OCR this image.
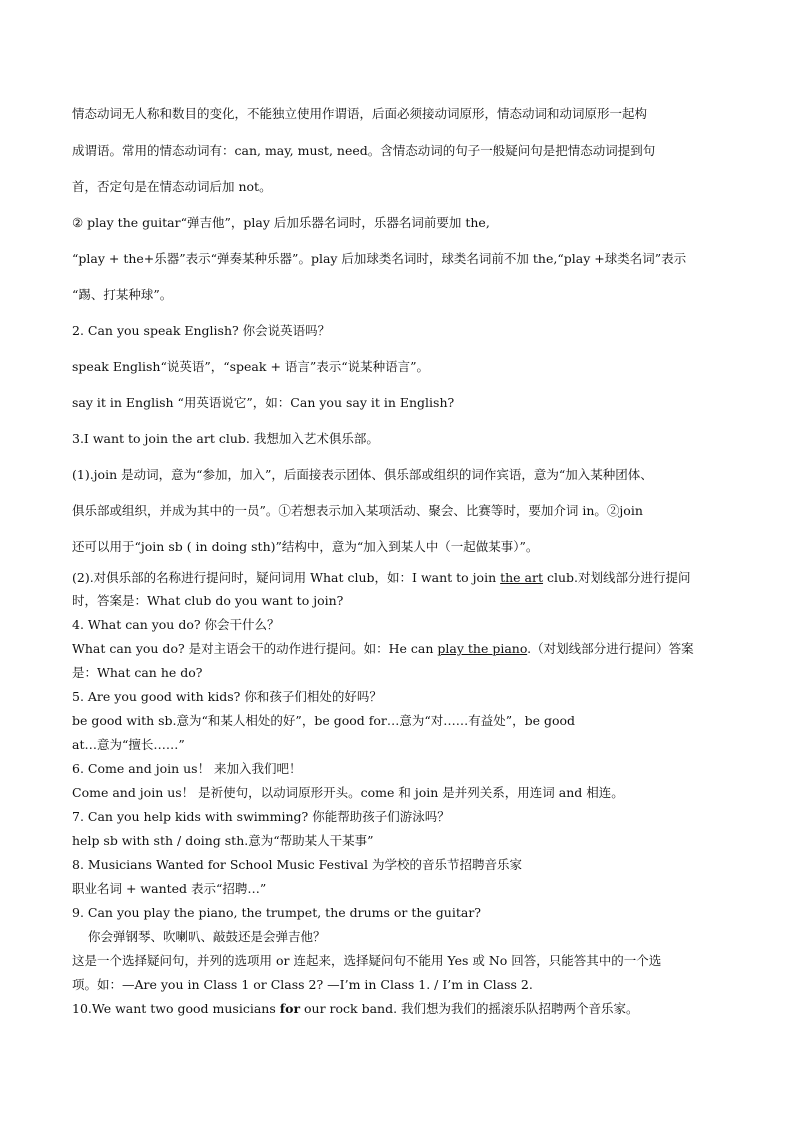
情态动词无人称和数目的变化，不能独立使用作谓语，后面必须接动词原形，情态动词和动词原形一起构
成谓语。常用的情态动词有：can, may, must, need。含情态动词的句子一般疑问句是把情态动词提到句
首，否定句是在情态动词后加 not。
② play the guitar“弹吉他”，play 后加乐器名词时，乐器名词前要加 the,
“play + the+乐器”表示“弹奏某种乐器”。play 后加球类名词时，球类名词前不加 the,“play +球类名词”表示
“踢、打某种球”。
2. Can you speak English? 你会说英语吗？
speak English“说英语”，“speak + 语言”表示“说某种语言”。
say it in English “用英语说它”，如：Can you say it in English?
3.I want to join the art club. 我想加入艺术俱乐部。
(1).join 是动词，意为“参加，加入”，后面接表示团体、俱乐部或组织的词作宾语，意为“加入某种团体、
俱乐部或组织，并成为其中的一员”。①若想表示加入某项活动、聚会、比赛等时，要加介词 in。②join
还可以用于“join sb ( in doing sth)”结构中，意为“加入到某人中（一起做某事）”。
(2).对俱乐部的名称进行提问时，疑问词用 What club，如：I want to join the art club.对划线部分进行提问
时，答案是：What club do you want to join?
4. What can you do? 你会干什么？
What can you do? 是对主语会干的动作进行提问。如：He can play the piano.（对划线部分进行提问）答案
是：What can he do?
5. Are you good with kids? 你和孩子们相处的好吗？
be good with sb.意为“和某人相处的好”，be good for…意为“对……有益处”，be good
at…意为“擅长……”
6. Come and join us！ 来加入我们吧！
Come and join us！ 是祈使句，以动词原形开头。come 和 join 是并列关系，用连词 and 相连。
7. Can you help kids with swimming? 你能帮助孩子们游泳吗？
help sb with sth / doing sth.意为“帮助某人干某事”
8. Musicians Wanted for School Music Festival 为学校的音乐节招聘音乐家
职业名词 + wanted 表示“招聘…”
9. Can you play the piano, the trumpet, the drums or the guitar?
你会弹钢琴、吹喇叭、敲鼓还是会弹吉他？
这是一个选择疑问句，并列的选项用 or 连起来，选择疑问句不能用 Yes 或 No 回答，只能答其中的一个选
项。如：—Are you in Class 1 or Class 2? —I’m in Class 1. / I’m in Class 2.
10.We want two good musicians for our rock band. 我们想为我们的摇滚乐队招聘两个音乐家。
